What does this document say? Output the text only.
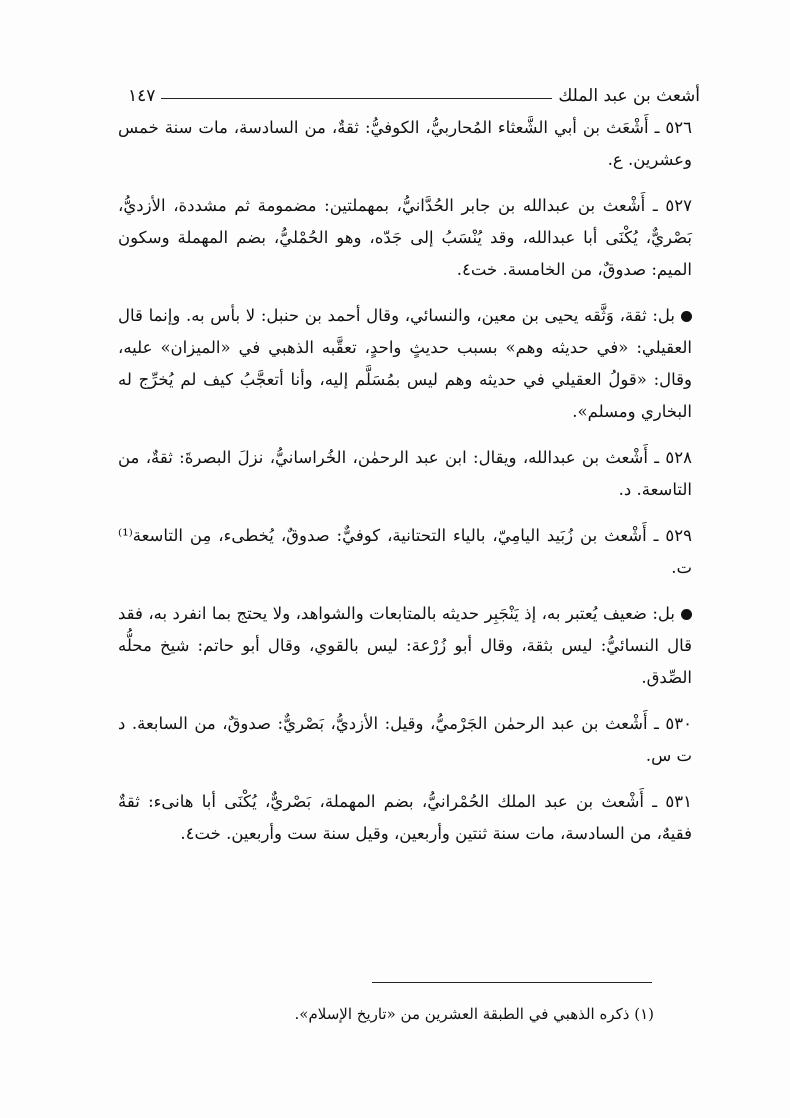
أشعث بن عبد الملك
١٤٧

٥٢٦ ـ أَشْعَث بن أبي الشَّعثاء المُحاربيُّ، الكوفيُّ: ثقةٌ، من السادسة، مات سنة خمس وعشرين. ع.

٥٢٧ ـ أَشْعث بن عبدالله بن جابر الحُدَّانيُّ، بمهملتين: مضمومة ثم مشددة، الأزديُّ، بَصْريٌّ، يُكْنَى أبا عبدالله، وقد يُنْسَبُ إلى جَدّه، وهو الحُمْليُّ، بضم المهملة وسكون الميم: صدوقٌ، من الخامسة. خت٤.

بل: ثقة، وَثَّقه يحيى بن معين، والنسائي، وقال أحمد بن حنبل: لا بأس به. وإنما قال العقيلي: «في حديثه وهم» بسبب حديثٍ واحدٍ، تعقَّبه الذهبي في «الميزان» عليه، وقال: «قولُ العقيلي في حديثه وهم ليس بمُسَلَّم إليه، وأنا أتعجَّبُ كيف لم يُخرِّج له البخاري ومسلم».

٥٢٨ ـ أَشْعث بن عبدالله، ويقال: ابن عبد الرحمٰن، الخُراسانيُّ، نزلَ البصرةَ: ثقةٌ، من التاسعة. د.

٥٢٩ ـ أَشْعث بن زُبَيد اليامِيّ، بالياء التحتانية، كوفيٌّ: صدوقٌ، يُخطىء، مِن التاسعة⁽¹⁾ ت.

بل: ضعيف يُعتبر به، إذ يَنْجَبِر حديثه بالمتابعات والشواهد، ولا يحتج بما انفرد به، فقد قال النسائيُّ: ليس بثقة، وقال أبو زُرْعة: ليس بالقوي، وقال أبو حاتم: شيخ محلُّه الصِّدق.

٥٣٠ ـ أَشْعث بن عبد الرحمٰن الجَرْميُّ، وقيل: الأزديُّ، بَصْريٌّ: صدوقٌ، من السابعة. د ت س.

٥٣١ ـ أَشْعث بن عبد الملك الحُمْرانيُّ، بضم المهملة، بَصْريٌّ، يُكْنَى أبا هانىء: ثقةٌ فقيهٌ، من السادسة، مات سنة ثنتين وأربعين، وقيل سنة ست وأربعين. خت٤.

(١) ذكره الذهبي في الطبقة العشرين من «تاريخ الإسلام».
